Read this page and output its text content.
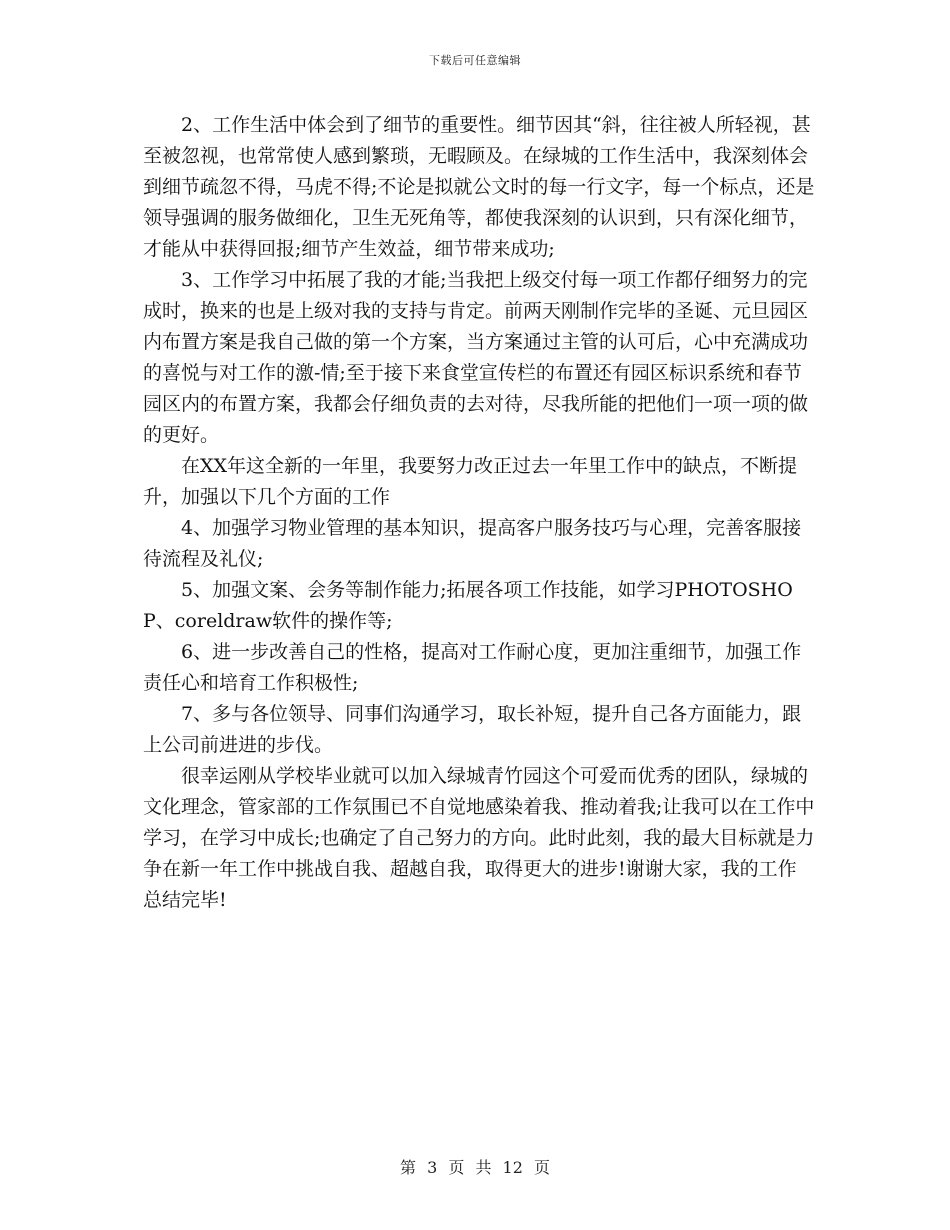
下载后可任意编辑

2、工作生活中体会到了细节的重要性。细节因其“斜，往往被人所轻视，甚至被忽视，也常常使人感到繁琐，无暇顾及。在绿城的工作生活中，我深刻体会到细节疏忽不得，马虎不得;不论是拟就公文时的每一行文字，每一个标点，还是领导强调的服务做细化，卫生无死角等，都使我深刻的认识到，只有深化细节，才能从中获得回报;细节产生效益，细节带来成功;

3、工作学习中拓展了我的才能;当我把上级交付每一项工作都仔细努力的完成时，换来的也是上级对我的支持与肯定。前两天刚制作完毕的圣诞、元旦园区内布置方案是我自己做的第一个方案，当方案通过主管的认可后，心中充满成功的喜悦与对工作的激-情;至于接下来食堂宣传栏的布置还有园区标识系统和春节园区内的布置方案，我都会仔细负责的去对待，尽我所能的把他们一项一项的做的更好。

在XX年这全新的一年里，我要努力改正过去一年里工作中的缺点，不断提升，加强以下几个方面的工作

4、加强学习物业管理的基本知识，提高客户服务技巧与心理，完善客服接待流程及礼仪;

5、加强文案、会务等制作能力;拓展各项工作技能，如学习PHOTOSHOP、coreldraw软件的操作等;

6、进一步改善自己的性格，提高对工作耐心度，更加注重细节，加强工作责任心和培育工作积极性;

7、多与各位领导、同事们沟通学习，取长补短，提升自己各方面能力，跟上公司前进进的步伐。

很幸运刚从学校毕业就可以加入绿城青竹园这个可爱而优秀的团队，绿城的文化理念，管家部的工作氛围已不自觉地感染着我、推动着我;让我可以在工作中学习，在学习中成长;也确定了自己努力的方向。此时此刻，我的最大目标就是力争在新一年工作中挑战自我、超越自我，取得更大的进步!谢谢大家，我的工作总结完毕!

第 3 页 共 12 页
